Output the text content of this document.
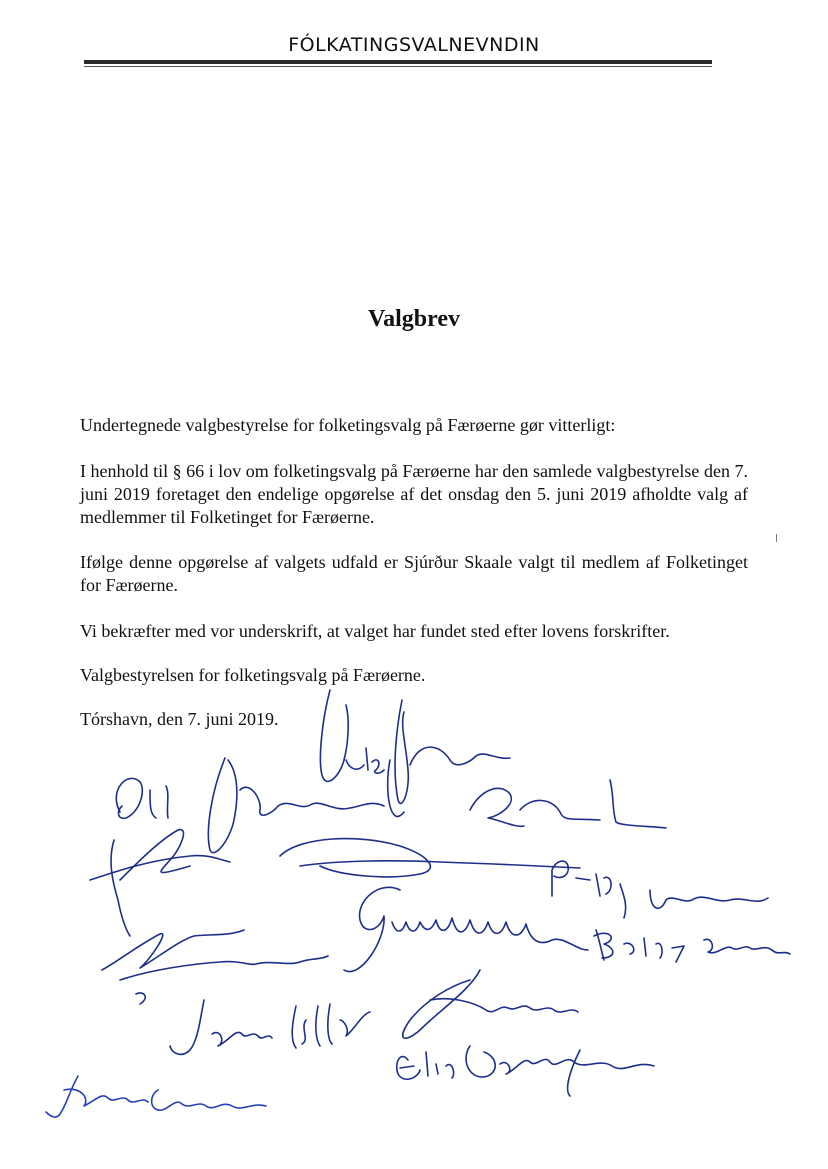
FÓLKATINGSVALNEVNDIN
Valgbrev

Undertegnede valgbestyrelse for folketingsvalg på Færøerne gør vitterligt:

I henhold til § 66 i lov om folketingsvalg på Færøerne har den samlede valgbestyrelse den 7. juni 2019 foretaget den endelige opgørelse af det onsdag den 5. juni 2019 afholdte valg af medlemmer til Folketinget for Færøerne.

Ifølge denne opgørelse af valgets udfald er Sjúrður Skaale valgt til medlem af Folketinget for Færøerne.

Vi bekræfter med vor underskrift, at valget har fundet sted efter lovens forskrifter.

Valgbestyrelsen for folketingsvalg på Færøerne.

Tórshavn, den 7. juni 2019.
